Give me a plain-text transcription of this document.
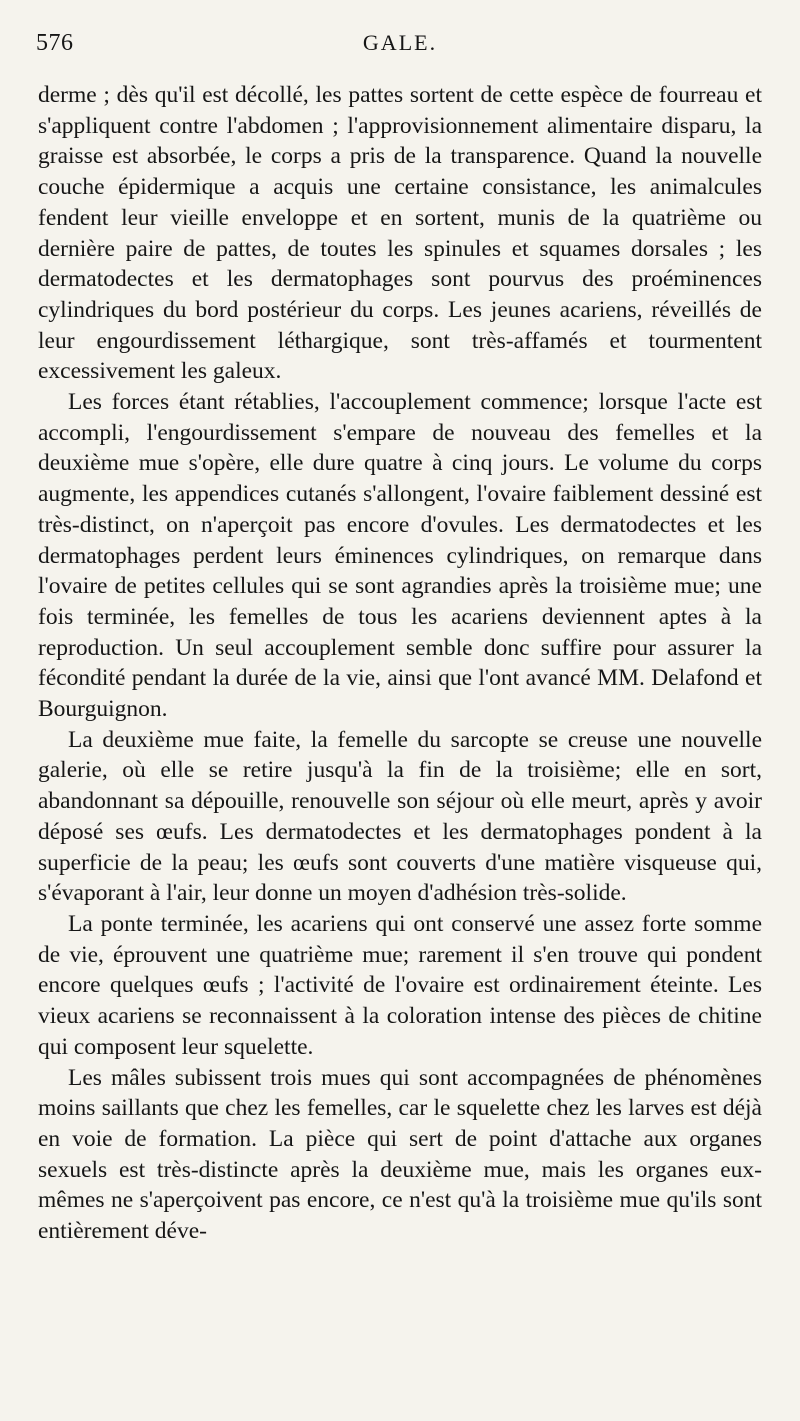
576	GALE.

derme ; dès qu'il est décollé, les pattes sortent de cette espèce de fourreau et s'appliquent contre l'abdomen ; l'approvisionnement alimentaire disparu, la graisse est absorbée, le corps a pris de la transparence. Quand la nouvelle couche épidermique a acquis une certaine consistance, les animalcules fendent leur vieille enveloppe et en sortent, munis de la quatrième ou dernière paire de pattes, de toutes les spinules et squames dorsales ; les dermatodectes et les dermatophages sont pourvus des proéminences cylindriques du bord postérieur du corps. Les jeunes acariens, réveillés de leur engourdissement léthargique, sont très-affamés et tourmentent excessivement les galeux.

Les forces étant rétablies, l'accouplement commence; lorsque l'acte est accompli, l'engourdissement s'empare de nouveau des femelles et la deuxième mue s'opère, elle dure quatre à cinq jours. Le volume du corps augmente, les appendices cutanés s'allongent, l'ovaire faiblement dessiné est très-distinct, on n'aperçoit pas encore d'ovules. Les dermatodectes et les dermatophages perdent leurs éminences cylindriques, on remarque dans l'ovaire de petites cellules qui se sont agrandies après la troisième mue; une fois terminée, les femelles de tous les acariens deviennent aptes à la reproduction. Un seul accouplement semble donc suffire pour assurer la fécondité pendant la durée de la vie, ainsi que l'ont avancé MM. Delafond et Bourguignon.

La deuxième mue faite, la femelle du sarcopte se creuse une nouvelle galerie, où elle se retire jusqu'à la fin de la troisième; elle en sort, abandonnant sa dépouille, renouvelle son séjour où elle meurt, après y avoir déposé ses œufs. Les dermatodectes et les dermatophages pondent à la superficie de la peau; les œufs sont couverts d'une matière visqueuse qui, s'évaporant à l'air, leur donne un moyen d'adhésion très-solide.

La ponte terminée, les acariens qui ont conservé une assez forte somme de vie, éprouvent une quatrième mue; rarement il s'en trouve qui pondent encore quelques œufs ; l'activité de l'ovaire est ordinairement éteinte. Les vieux acariens se reconnaissent à la coloration intense des pièces de chitine qui composent leur squelette.

Les mâles subissent trois mues qui sont accompagnées de phénomènes moins saillants que chez les femelles, car le squelette chez les larves est déjà en voie de formation. La pièce qui sert de point d'attache aux organes sexuels est très-distincte après la deuxième mue, mais les organes eux-mêmes ne s'aperçoivent pas encore, ce n'est qu'à la troisième mue qu'ils sont entièrement déve-
